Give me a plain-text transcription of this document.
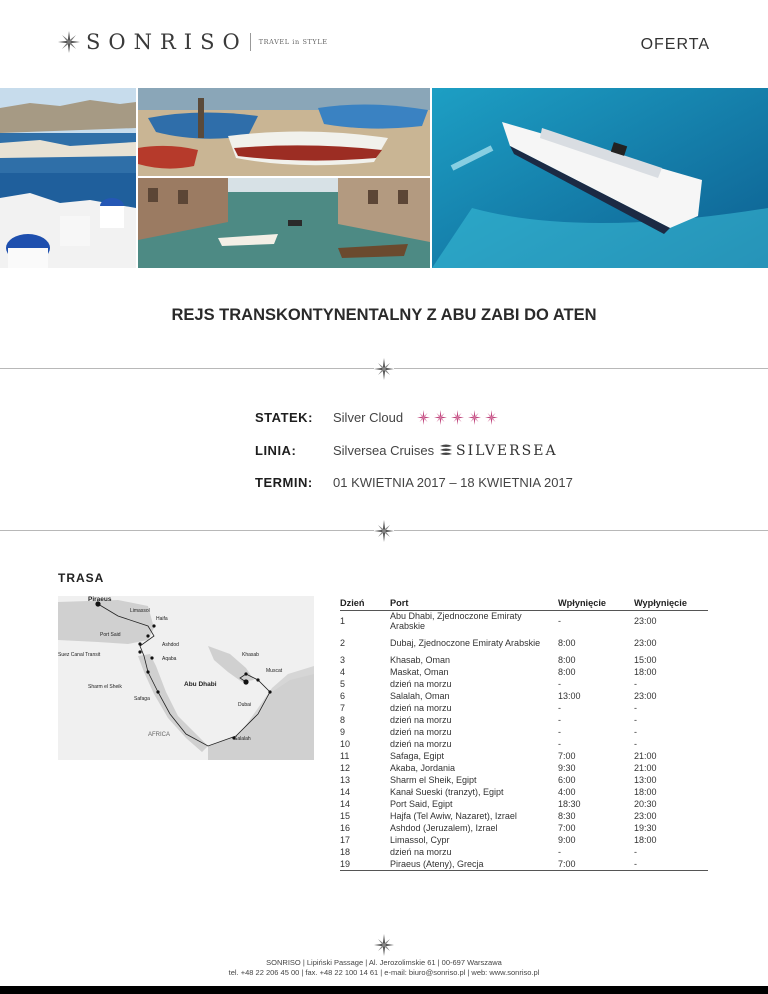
SONRISO TRAVEL in STYLE	OFERTA
REJS TRANSKONTYNENTALNY Z ABU ZABI DO ATEN
STATEK: Silver Cloud
LINIA:	Silversea Cruises	SILVERSEA
TERMIN: 01 KWIETNIA 2017 – 18 KWIETNIA 2017
TRASA
Piraeus
Limassol
Haifa
Port Said
Ashdod
Suez Canal Transit
Aqaba
Khasab
Muscat
Sharm el Sheik	Abu Dhabi
Safaga
Dubai
AFRICA
Salalah
Dzień	Port	Wpłynięcie	Wypłynięcie
1	Abu Dhabi, Zjednoczone Emiraty Arabskie	-	23:00
2	Dubaj, Zjednoczone Emiraty Arabskie	8:00	23:00
3	Khasab, Oman	8:00	15:00
4	Maskat, Oman	8:00	18:00
5	dzień na morzu	-	-
6	Salalah, Oman	13:00	23:00
7	dzień na morzu	-	-
8	dzień na morzu	-	-
9	dzień na morzu	-	-
10	dzień na morzu	-	-
11	Safaga, Egipt	7:00	21:00
12	Akaba, Jordania	9:30	21:00
13	Sharm el Sheik, Egipt	6:00	13:00
14	Kanał Sueski (tranzyt), Egipt	4:00	18:00
14	Port Said, Egipt	18:30	20:30
15	Hajfa (Tel Awiw, Nazaret), Izrael	8:30	23:00
16	Ashdod (Jeruzalem), Izrael	7:00	19:30
17	Limassol, Cypr	9:00	18:00
18	dzień na morzu	-	-
19	Piraeus (Ateny), Grecja	7:00	-
SONRISO | Lipiński Passage | Al. Jerozolimskie 61 | 00-697 Warszawa
tel. +48 22 206 45 00 | fax. +48 22 100 14 61 | e-mail: biuro@sonriso.pl | web: www.sonriso.pl
